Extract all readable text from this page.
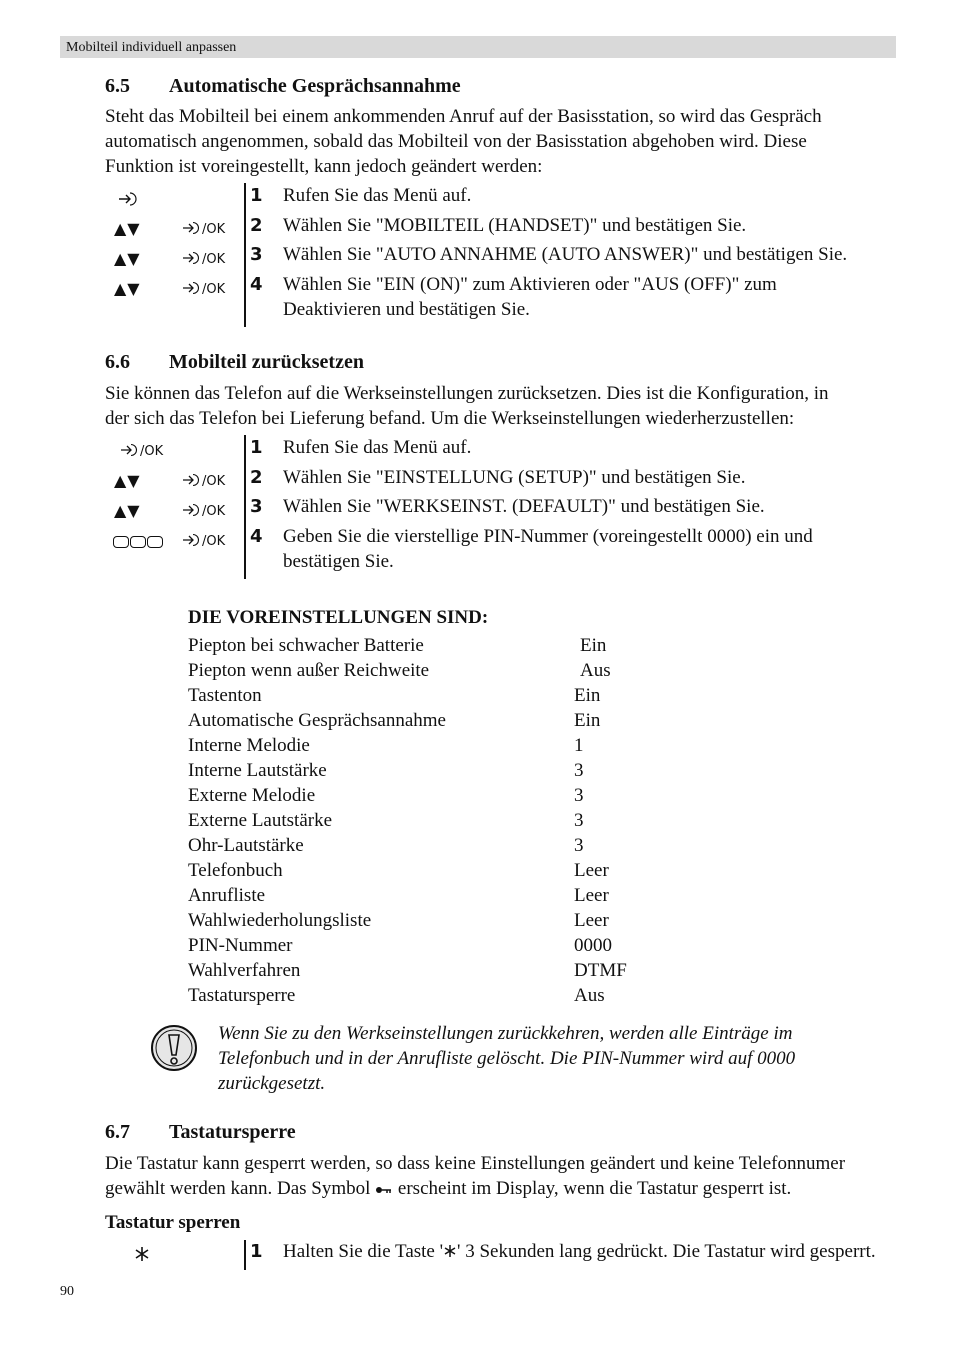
Mobilteil individuell anpassen
6.5 Automatische Gesprächsannahme
Steht das Mobilteil bei einem ankommenden Anruf auf der Basisstation, so wird das Gespräch
automatisch angenommen, sobald das Mobilteil von der Basisstation abgehoben wird. Diese
Funktion ist voreingestellt, kann jedoch geändert werden:
▲▼	/OK
▲▼	/OK
▲▼	/OK
1 Rufen Sie das Menü auf.
2 Wählen Sie "MOBILTEIL (HANDSET)" und bestätigen Sie.
3 Wählen Sie "AUTO ANNAHME (AUTO ANSWER)" und bestätigen Sie.
4 Wählen Sie "EIN (ON)" zum Aktivieren oder "AUS (OFF)" zum
Deaktivieren und bestätigen Sie.
6.6 Mobilteil zurücksetzen
Sie können das Telefon auf die Werkseinstellungen zurücksetzen. Dies ist die Konfiguration, in
der sich das Telefon bei Lieferung befand. Um die Werkseinstellungen wiederherzustellen:
/OK
▲▼	/OK
▲▼	/OK
/OK
1 Rufen Sie das Menü auf.
2 Wählen Sie "EINSTELLUNG (SETUP)" und bestätigen Sie.
3 Wählen Sie "WERKSEINST. (DEFAULT)" und bestätigen Sie.
4 Geben Sie die vierstellige PIN-Nummer (voreingestellt 0000) ein und
bestätigen Sie.
DIE VOREINSTELLUNGEN SIND:
Piepton bei schwacher Batterie	Ein
Piepton wenn außer Reichweite	Aus
Tastenton	Ein
Automatische Gesprächsannahme	Ein
Interne Melodie	1
Interne Lautstärke	3
Externe Melodie	3
Externe Lautstärke	3
Ohr-Lautstärke	3
Telefonbuch	Leer
Anrufliste	Leer
Wahlwiederholungsliste	Leer
PIN-Nummer	0000
Wahlverfahren	DTMF
Tastatursperre	Aus
Wenn Sie zu den Werkseinstellungen zurückkehren, werden alle Einträge im
Telefonbuch und in der Anrufliste gelöscht. Die PIN-Nummer wird auf 0000
zurückgesetzt.
6.7 Tastatursperre
Die Tastatur kann gesperrt werden, so dass keine Einstellungen geändert und keine Telefonnumer
gewählt werden kann. Das Symbol erscheint im Display, wenn die Tastatur gesperrt ist.
Tastatur sperren
1 Halten Sie die Taste ' ' 3 Sekunden lang gedrückt. Die Tastatur wird gesperrt.
90
